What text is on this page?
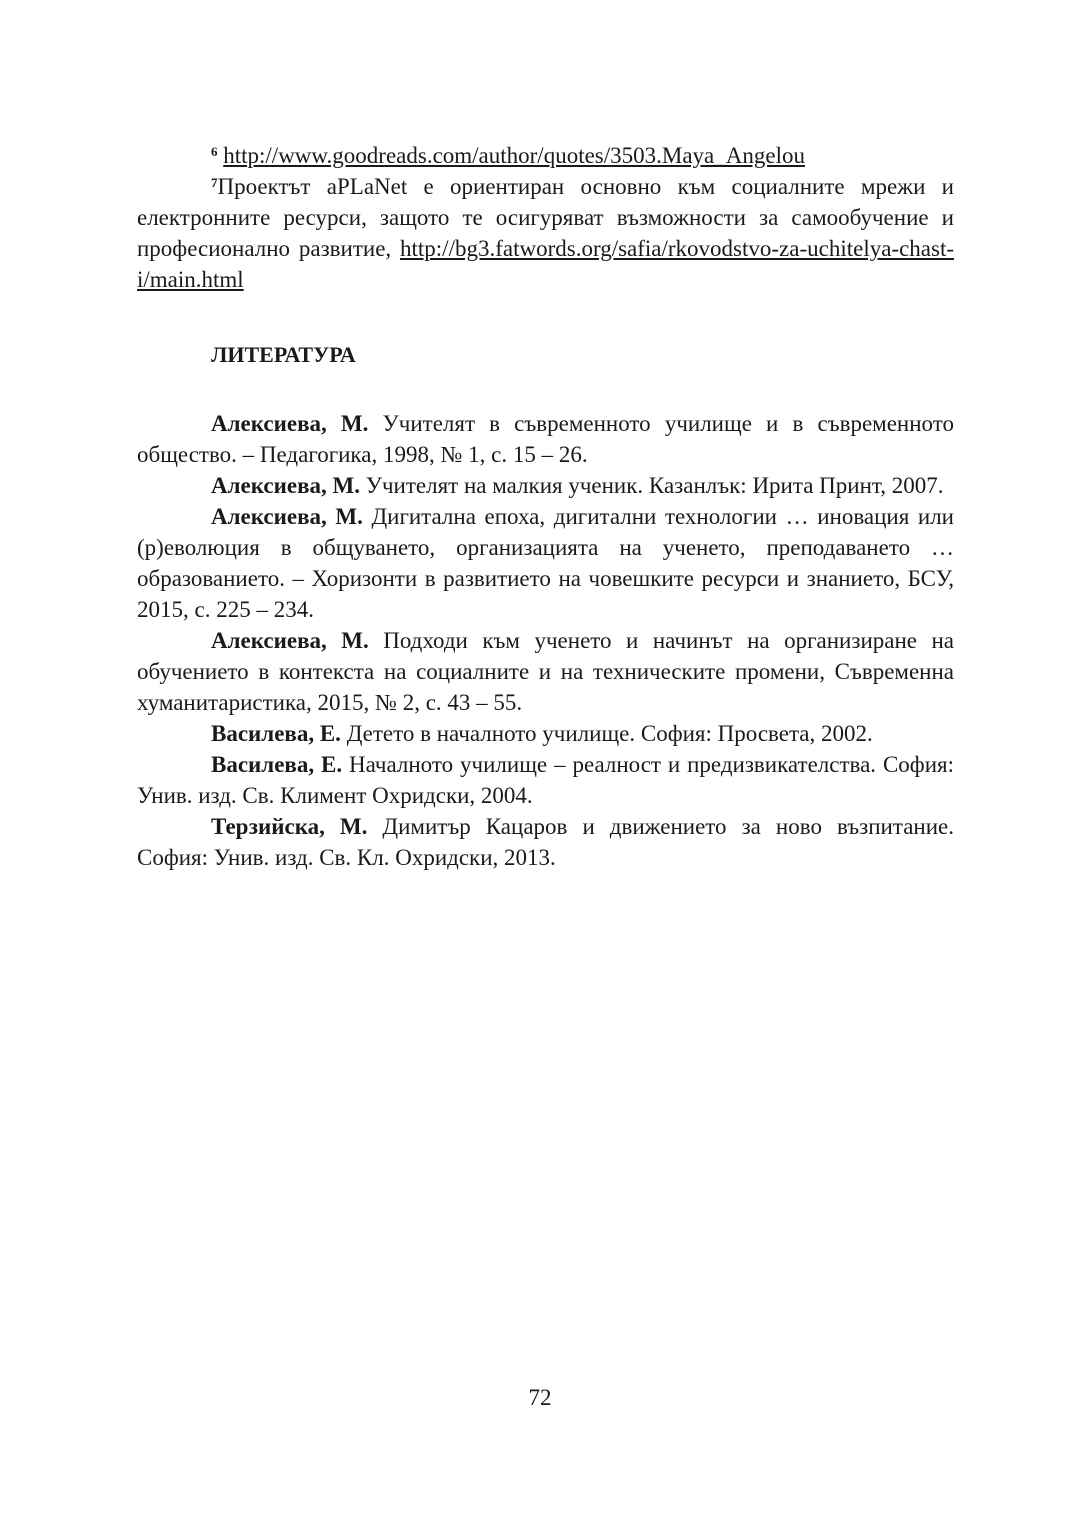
$^6$ http://www.goodreads.com/author/quotes/3503.Maya_Angelou

$^7$Проектът aPLaNet е ориентиран основно към социалните мрежи и електронните ресурси, защото те осигуряват възможности за самообучение и професионално развитие, http://bg3.fatwords.org/safia/rkovodstvo-za-uchitelya-chast-i/main.html

ЛИТЕРАТУРА

Алексиева, М. Учителят в съвременното училище и в съвременното общество. – Педагогика, 1998, № 1, с. 15 – 26.

Алексиева, М. Учителят на малкия ученик. Казанлък: Ирита Принт, 2007.

Алексиева, М. Дигитална епоха, дигитални технологии … иновация или (р)еволюция в общуването, организацията на ученето, преподаването … образованието. – Хоризонти в развитието на човешките ресурси и знанието, БСУ, 2015, с. 225 – 234.

Алексиева, М. Подходи към ученето и начинът на организиране на обучението в контекста на социалните и на техническите промени, Съвременна хуманитаристика, 2015, № 2, с. 43 – 55.

Василева, Е. Детето в началното училище. София: Просвета, 2002.

Василева, Е. Началното училище – реалност и предизвикателства. София: Унив. изд. Св. Климент Охридски, 2004.

Терзийска, М. Димитър Кацаров и движението за ново възпитание. София: Унив. изд. Св. Кл. Охридски, 2013.

72
